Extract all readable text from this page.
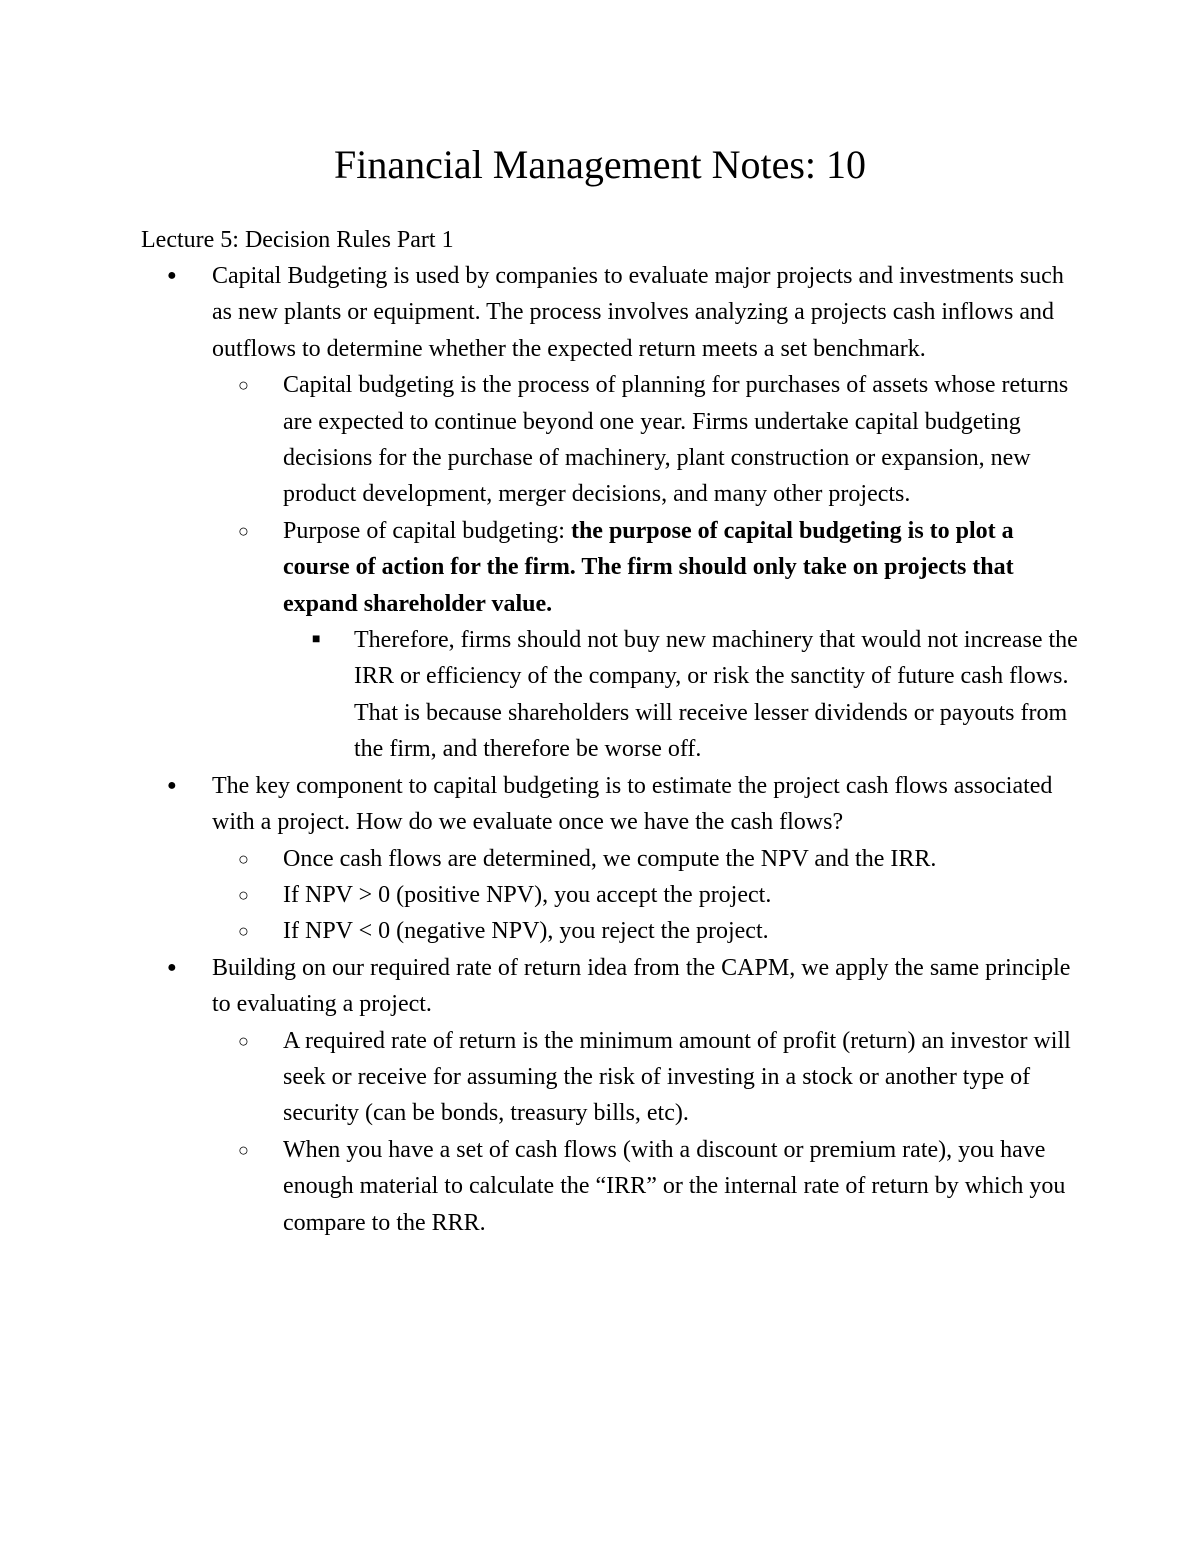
Financial Management Notes: 10

Lecture 5: Decision Rules Part 1

●	Capital Budgeting is used by companies to evaluate major projects and investments such as new plants or equipment. The process involves analyzing a projects cash inflows and outflows to determine whether the expected return meets a set benchmark.
○	Capital budgeting is the process of planning for purchases of assets whose returns are expected to continue beyond one year. Firms undertake capital budgeting decisions for the purchase of machinery, plant construction or expansion, new product development, merger decisions, and many other projects.
○	Purpose of capital budgeting: the purpose of capital budgeting is to plot a course of action for the firm. The firm should only take on projects that expand shareholder value.
■	Therefore, firms should not buy new machinery that would not increase the IRR or efficiency of the company, or risk the sanctity of future cash flows. That is because shareholders will receive lesser dividends or payouts from the firm, and therefore be worse off.
●	The key component to capital budgeting is to estimate the project cash flows associated with a project. How do we evaluate once we have the cash flows?
○	Once cash flows are determined, we compute the NPV and the IRR.
○	If NPV > 0 (positive NPV), you accept the project.
○	If NPV < 0 (negative NPV), you reject the project.
●	Building on our required rate of return idea from the CAPM, we apply the same principle to evaluating a project.
○	A required rate of return is the minimum amount of profit (return) an investor will seek or receive for assuming the risk of investing in a stock or another type of security (can be bonds, treasury bills, etc).
○	When you have a set of cash flows (with a discount or premium rate), you have enough material to calculate the “IRR” or the internal rate of return by which you compare to the RRR.
